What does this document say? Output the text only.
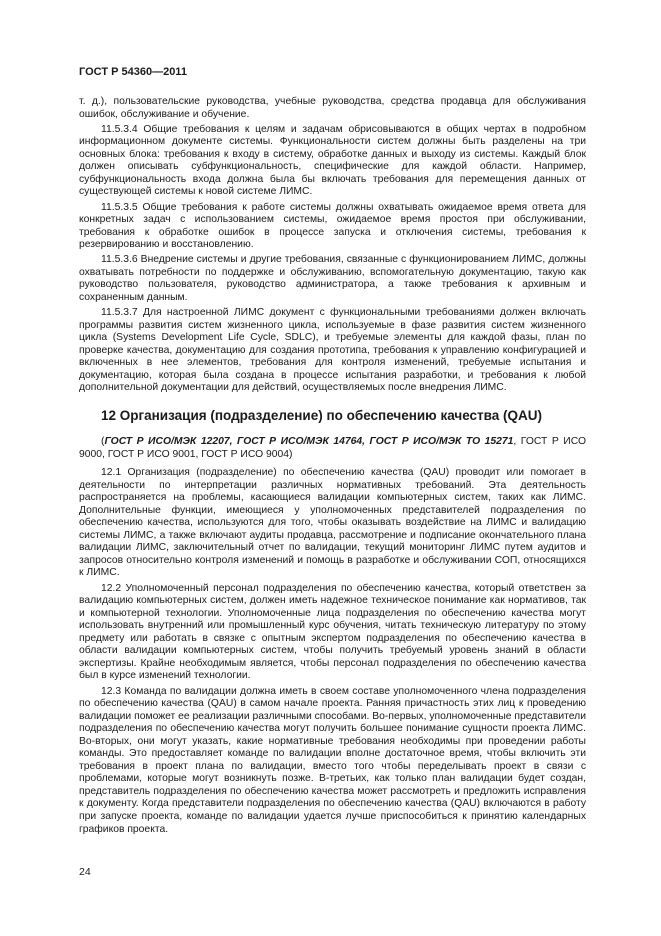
ГОСТ Р 54360—2011

т. д.), пользовательские руководства, учебные руководства, средства продавца для обслуживания ошибок, обслуживание и обучение.

11.5.3.4 Общие требования к целям и задачам обрисовываются в общих чертах в подробном информационном документе системы. Функциональности систем должны быть разделены на три основных блока: требования к входу в систему, обработке данных и выходу из системы. Каждый блок должен описывать субфункциональность, специфические для каждой области. Например, субфункциональность входа должна была бы включать требования для перемещения данных от существующей системы к новой системе ЛИМС.

11.5.3.5 Общие требования к работе системы должны охватывать ожидаемое время ответа для конкретных задач с использованием системы, ожидаемое время простоя при обслуживании, требования к обработке ошибок в процессе запуска и отключения системы, требования к резервированию и восстановлению.

11.5.3.6 Внедрение системы и другие требования, связанные с функционированием ЛИМС, должны охватывать потребности по поддержке и обслуживанию, вспомогательную документацию, такую как руководство пользователя, руководство администратора, а также требования к архивным и сохраненным данным.

11.5.3.7 Для настроенной ЛИМС документ с функциональными требованиями должен включать программы развития систем жизненного цикла, используемые в фазе развития систем жизненного цикла (Systems Development Life Cycle, SDLC), и требуемые элементы для каждой фазы, план по проверке качества, документацию для создания прототипа, требования к управлению конфигурацией и включенных в нее элементов, требования для контроля изменений, требуемые испытания и документацию, которая была создана в процессе испытания разработки, и требования к любой дополнительной документации для действий, осуществляемых после внедрения ЛИМС.

12 Организация (подразделение) по обеспечению качества (QAU)

(ГОСТ Р ИСО/МЭК 12207, ГОСТ Р ИСО/МЭК 14764, ГОСТ Р ИСО/МЭК ТО 15271, ГОСТ Р ИСО 9000, ГОСТ Р ИСО 9001, ГОСТ Р ИСО 9004)

12.1 Организация (подразделение) по обеспечению качества (QAU) проводит или помогает в деятельности по интерпретации различных нормативных требований. Эта деятельность распространяется на проблемы, касающиеся валидации компьютерных систем, таких как ЛИМС. Дополнительные функции, имеющиеся у уполномоченных представителей подразделения по обеспечению качества, используются для того, чтобы оказывать воздействие на ЛИМС и валидацию системы ЛИМС, а также включают аудиты продавца, рассмотрение и подписание окончательного плана валидации ЛИМС, заключительный отчет по валидации, текущий мониторинг ЛИМС путем аудитов и запросов относительно контроля изменений и помощь в разработке и обслуживании СОП, относящихся к ЛИМС.

12.2 Уполномоченный персонал подразделения по обеспечению качества, который ответствен за валидацию компьютерных систем, должен иметь надежное техническое понимание как нормативов, так и компьютерной технологии. Уполномоченные лица подразделения по обеспечению качества могут использовать внутренний или промышленный курс обучения, читать техническую литературу по этому предмету или работать в связке с опытным экспертом подразделения по обеспечению качества в области валидации компьютерных систем, чтобы получить требуемый уровень знаний в области экспертизы. Крайне необходимым является, чтобы персонал подразделения по обеспечению качества был в курсе изменений технологии.

12.3 Команда по валидации должна иметь в своем составе уполномоченного члена подразделения по обеспечению качества (QAU) в самом начале проекта. Ранняя причастность этих лиц к проведению валидации поможет ее реализации различными способами. Во-первых, уполномоченные представители подразделения по обеспечению качества могут получить большее понимание сущности проекта ЛИМС. Во-вторых, они могут указать, какие нормативные требования необходимы при проведении работы команды. Это предоставляет команде по валидации вполне достаточное время, чтобы включить эти требования в проект плана по валидации, вместо того чтобы переделывать проект в связи с проблемами, которые могут возникнуть позже. В-третьих, как только план валидации будет создан, представитель подразделения по обеспечению качества может рассмотреть и предложить исправления к документу. Когда представители подразделения по обеспечению качества (QAU) включаются в работу при запуске проекта, команде по валидации удается лучше приспособиться к принятию календарных графиков проекта.

24
